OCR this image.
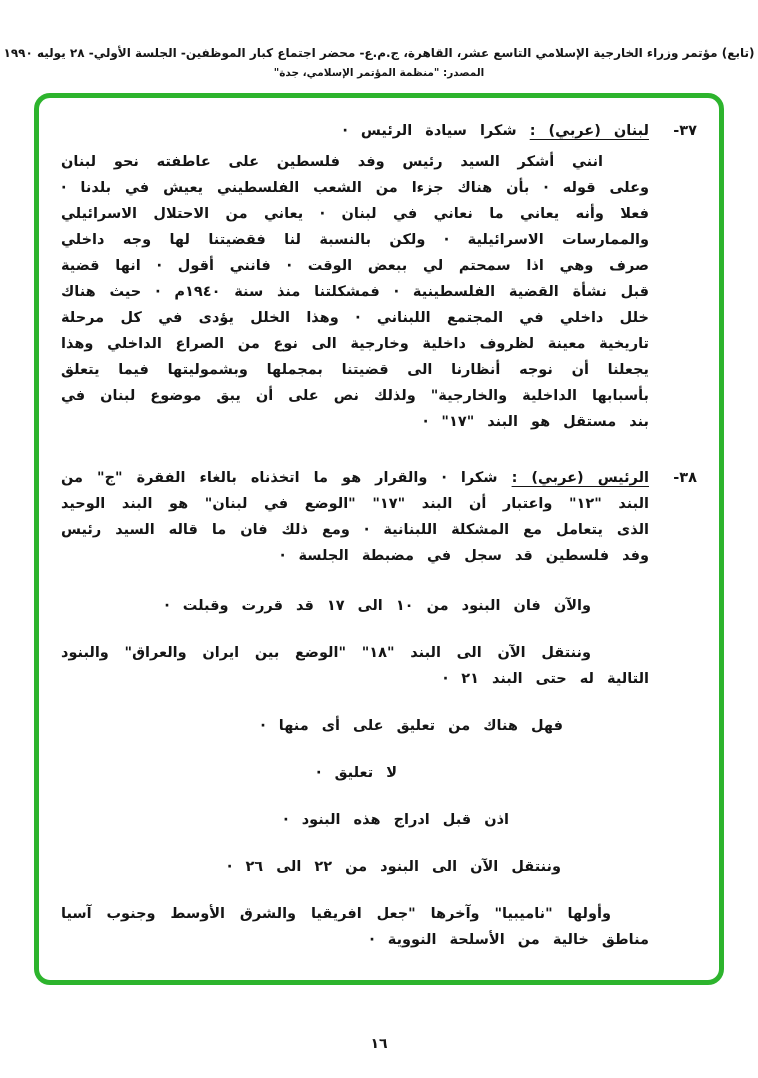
(تابع) مؤتمر وزراء الخارجية الإسلامي التاسع عشر، القاهرة، ج.م.ع- محضر اجتماع كبار الموظفين- الجلسة الأولي- ٢٨ يوليه ١٩٩٠
المصدر: "منظمة المؤتمر الإسلامي، جدة"
٣٧-

لبنان (عربي) : شكرا سيادة الرئيس ·

انني أشكر السيد رئيس وفد فلسطين على عاطفته نحو لبنان وعلى قوله · بأن هناك جزءا من الشعب الفلسطيني يعيش في بلدنا · فعلا وأنه يعاني ما نعاني في لبنان · يعاني من الاحتلال الاسرائيلي والممارسات الاسرائيلية · ولكن بالنسبة لنا فقضيتنا لها وجه داخلي صرف وهي اذا سمحتم لي ببعض الوقت · فانني أقول · انها قضية قبل نشأة القضية الفلسطينية · فمشكلتنا منذ سنة ١٩٤٠م · حيث هناك خلل داخلي في المجتمع اللبناني · وهذا الخلل يؤدى في كل مرحلة تاريخية معينة لظروف داخلية وخارجية الى نوع من الصراع الداخلي وهذا يجعلنا أن نوجه أنظارنا الى قضيتنا بمجملها وبشموليتها فيما يتعلق بأسبابها الداخلية والخارجية" ولذلك نص على أن يبق موضوع لبنان في بند مستقل هو البند "١٧" ·

٣٨-

الرئيس (عربي) : شكرا · والقرار هو ما اتخذناه بالغاء الفقرة "ج" من البند "١٢" واعتبار أن البند "١٧" "الوضع في لبنان" هو البند الوحيد الذى يتعامل مع المشكلة اللبنانية · ومع ذلك فان ما قاله السيد رئيس وفد فلسطين قد سجل في مضبطة الجلسة ·

والآن فان البنود من ١٠ الى ١٧ قد قررت وقبلت ·

وننتقل الآن الى البند "١٨" "الوضع بين ايران والعراق" والبنود التالية له حتى البند ٢١ ·

فهل هناك من تعليق على أى منها ·

لا تعليق ·

اذن قبل ادراج هذه البنود ·

وننتقل الآن الى البنود من ٢٢ الى ٢٦ ·

وأولها "ناميبيا" وآخرها "جعل افريقيا والشرق الأوسط وجنوب آسيا مناطق خالية من الأسلحة النووية ·

١٦
